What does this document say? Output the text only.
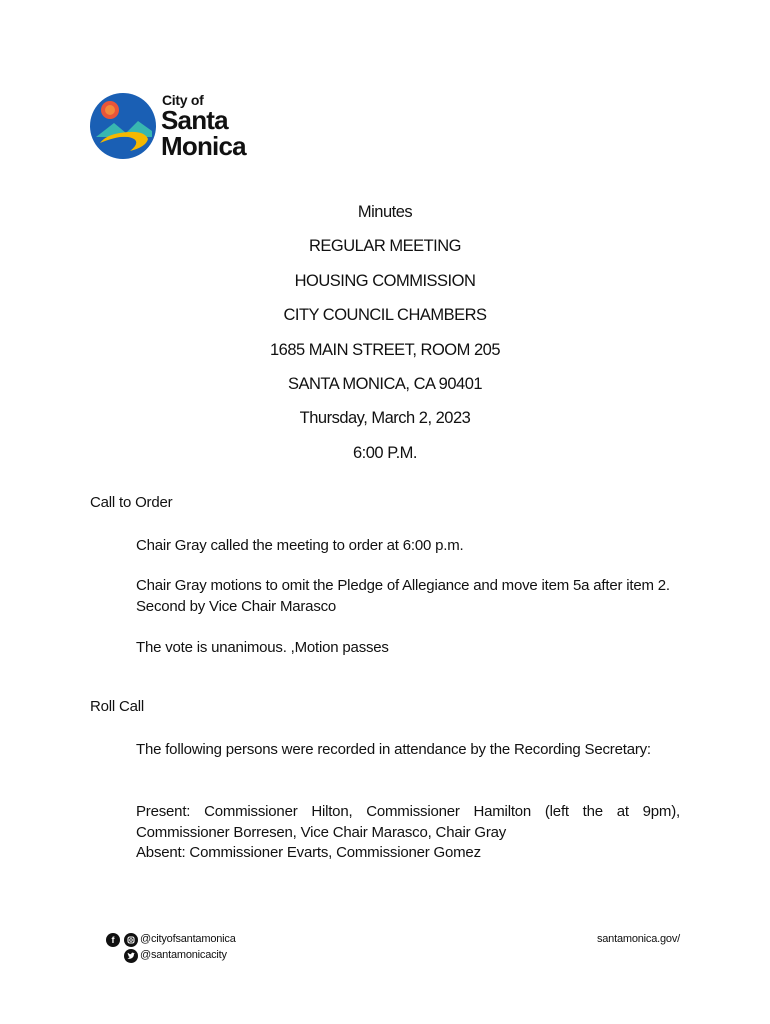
City of
Santa
Monica
Minutes
REGULAR MEETING
HOUSING COMMISSION
CITY COUNCIL CHAMBERS
1685 MAIN STREET, ROOM 205
SANTA MONICA, CA 90401
Thursday, March 2, 2023
6:00 P.M.
Call to Order
Chair Gray called the meeting to order at 6:00 p.m.
Chair Gray motions to omit the Pledge of Allegiance and move item 5a after item 2. Second by Vice Chair Marasco
The vote is unanimous. ,Motion passes
Roll Call
The following persons were recorded in attendance by the Recording Secretary:
Present: Commissioner Hilton, Commissioner Hamilton (left the at 9pm), Commissioner Borresen, Vice Chair Marasco, Chair Gray
Absent: Commissioner Evarts, Commissioner Gomez
f	@cityofsantamonica
@santamonicacity
santamonica.gov/
